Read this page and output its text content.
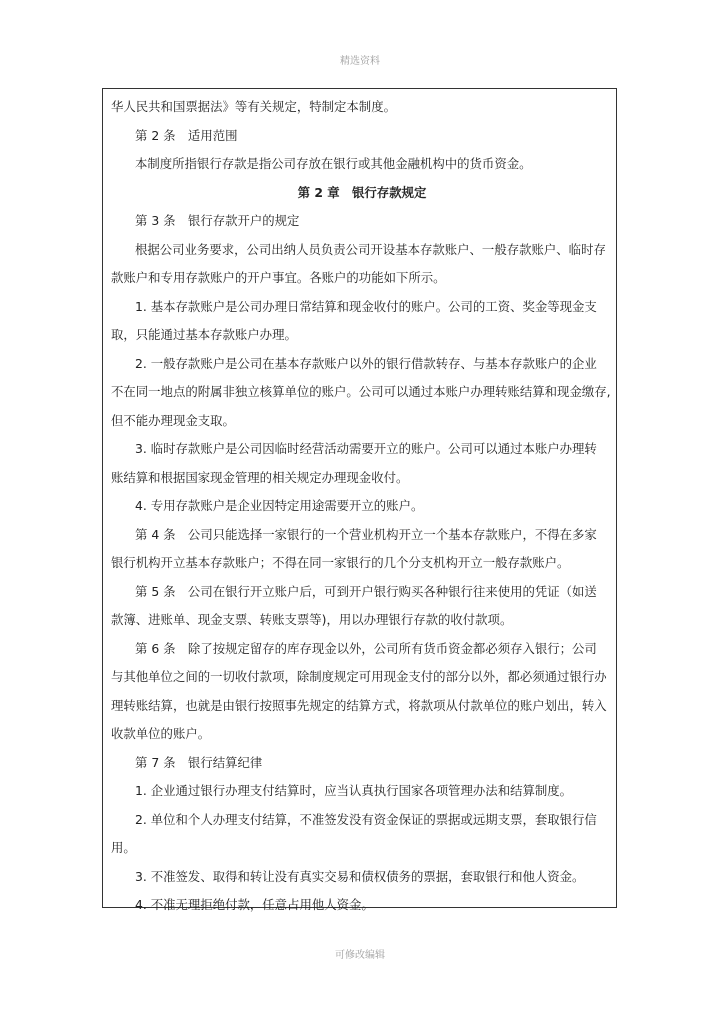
精选资料

华人民共和国票据法》等有关规定，特制定本制度。

第 2 条　适用范围

本制度所指银行存款是指公司存放在银行或其他金融机构中的货币资金。

第 2 章　银行存款规定

第 3 条　银行存款开户的规定

根据公司业务要求，公司出纳人员负责公司开设基本存款账户、一般存款账户、临时存

款账户和专用存款账户的开户事宜。各账户的功能如下所示。

1. 基本存款账户是公司办理日常结算和现金收付的账户。公司的工资、奖金等现金支

取，只能通过基本存款账户办理。

2. 一般存款账户是公司在基本存款账户以外的银行借款转存、与基本存款账户的企业

不在同一地点的附属非独立核算单位的账户。公司可以通过本账户办理转账结算和现金缴存,

但不能办理现金支取。

3. 临时存款账户是公司因临时经营活动需要开立的账户。公司可以通过本账户办理转

账结算和根据国家现金管理的相关规定办理现金收付。

4. 专用存款账户是企业因特定用途需要开立的账户。

第 4 条　公司只能选择一家银行的一个营业机构开立一个基本存款账户，不得在多家

银行机构开立基本存款账户；不得在同一家银行的几个分支机构开立一般存款账户。

第 5 条　公司在银行开立账户后，可到开户银行购买各种银行往来使用的凭证（如送

款簿、进账单、现金支票、转账支票等)，用以办理银行存款的收付款项。

第 6 条　除了按规定留存的库存现金以外，公司所有货币资金都必须存入银行；公司

与其他单位之间的一切收付款项，除制度规定可用现金支付的部分以外，都必须通过银行办

理转账结算，也就是由银行按照事先规定的结算方式，将款项从付款单位的账户划出，转入

收款单位的账户。

第 7 条　银行结算纪律

1. 企业通过银行办理支付结算时，应当认真执行国家各项管理办法和结算制度。

2. 单位和个人办理支付结算，不准签发没有资金保证的票据或远期支票，套取银行信

用。

3. 不准签发、取得和转让没有真实交易和债权债务的票据，套取银行和他人资金。

4. 不准无理拒绝付款，任意占用他人资金。

可修改编辑
